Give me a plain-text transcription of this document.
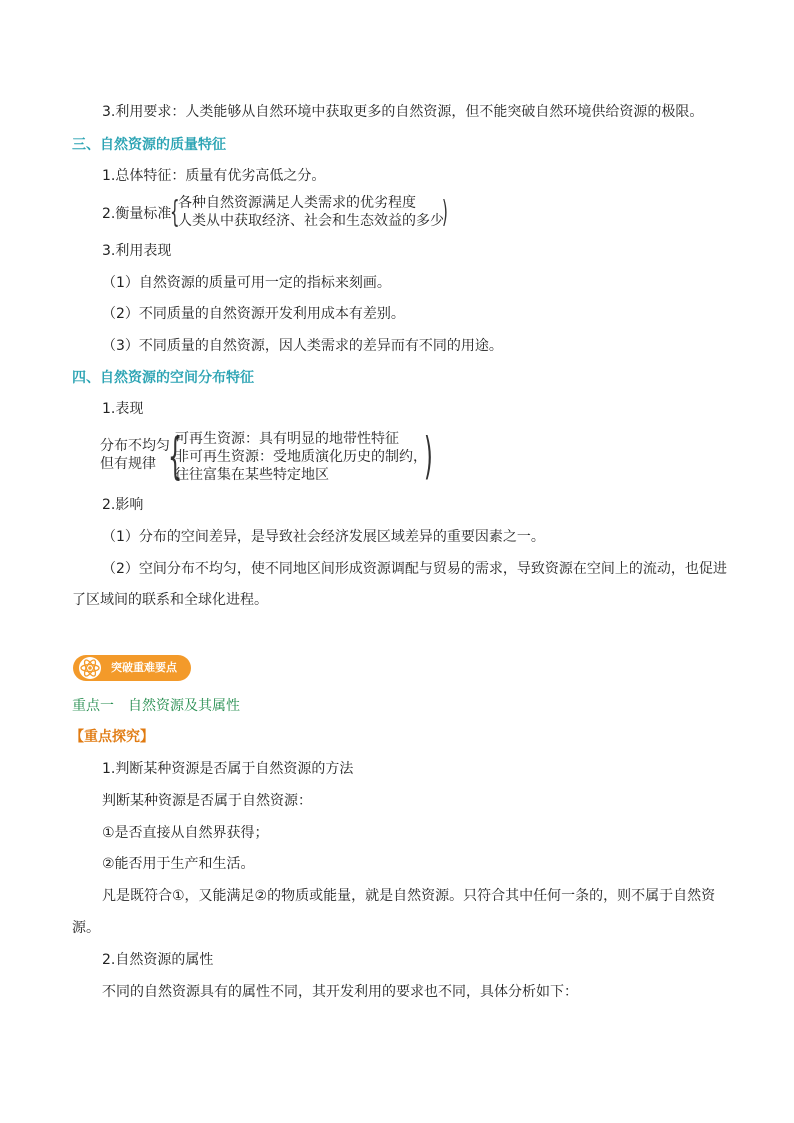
3.利用要求：人类能够从自然环境中获取更多的自然资源，但不能突破自然环境供给资源的极限。
三、自然资源的质量特征
1.总体特征：质量有优劣高低之分。
2.衡量标准
{
各种自然资源满足人类需求的优劣程度
人类从中获取经济、社会和生态效益的多少
)
3.利用表现
（1）自然资源的质量可用一定的指标来刻画。
（2）不同质量的自然资源开发利用成本有差别。
（3）不同质量的自然资源，因人类需求的差异而有不同的用途。
四、自然资源的空间分布特征
1.表现
分布不均匀
但有规律 {
可再生资源：具有明显的地带性特征
非可再生资源：受地质演化历史的制约，
往往富集在某些特定地区	)
2.影响
（1）分布的空间差异，是导致社会经济发展区域差异的重要因素之一。
（2）空间分布不均匀，使不同地区间形成资源调配与贸易的需求，导致资源在空间上的流动，也促进
了区域间的联系和全球化进程。
突破重难要点
重点一　自然资源及其属性
【重点探究】
1.判断某种资源是否属于自然资源的方法
判断某种资源是否属于自然资源：
①是否直接从自然界获得；
②能否用于生产和生活。
凡是既符合①，又能满足②的物质或能量，就是自然资源。只符合其中任何一条的，则不属于自然资
源。
2.自然资源的属性
不同的自然资源具有的属性不同，其开发利用的要求也不同，具体分析如下：
